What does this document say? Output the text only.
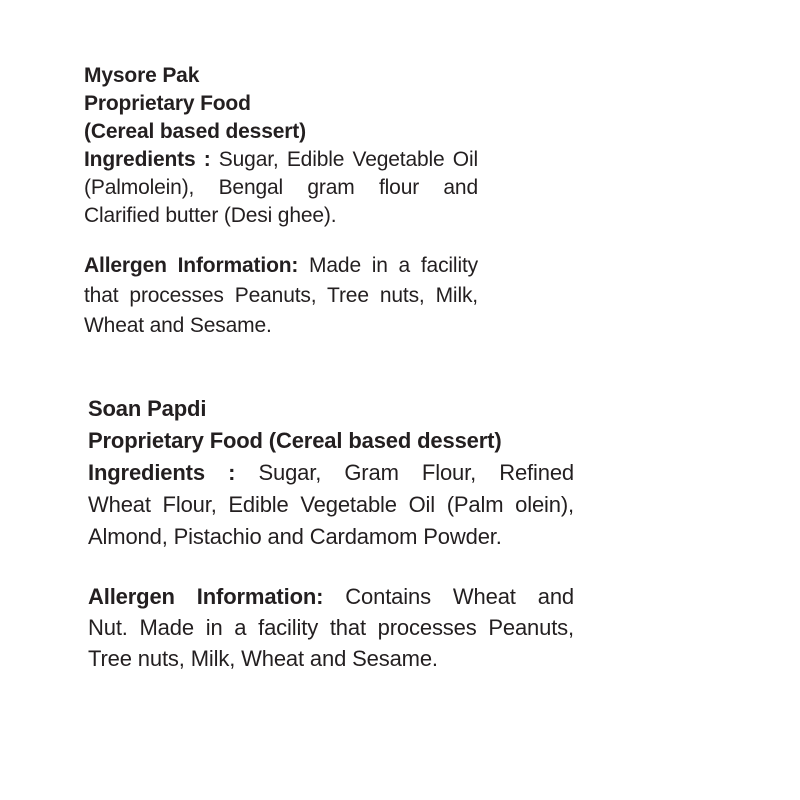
Mysore Pak
Proprietary Food
(Cereal based dessert)
Ingredients : Sugar, Edible Vegetable Oil
(Palmolein), Bengal gram flour and
Clarified butter (Desi ghee).
Allergen Information: Made in a facility
that processes Peanuts, Tree nuts, Milk,
Wheat and Sesame.
Soan Papdi
Proprietary Food (Cereal based dessert)
Ingredients : Sugar, Gram Flour, Refined
Wheat Flour, Edible Vegetable Oil (Palm olein),
Almond, Pistachio and Cardamom Powder.
Allergen Information: Contains Wheat and
Nut. Made in a facility that processes Peanuts,
Tree nuts, Milk, Wheat and Sesame.
